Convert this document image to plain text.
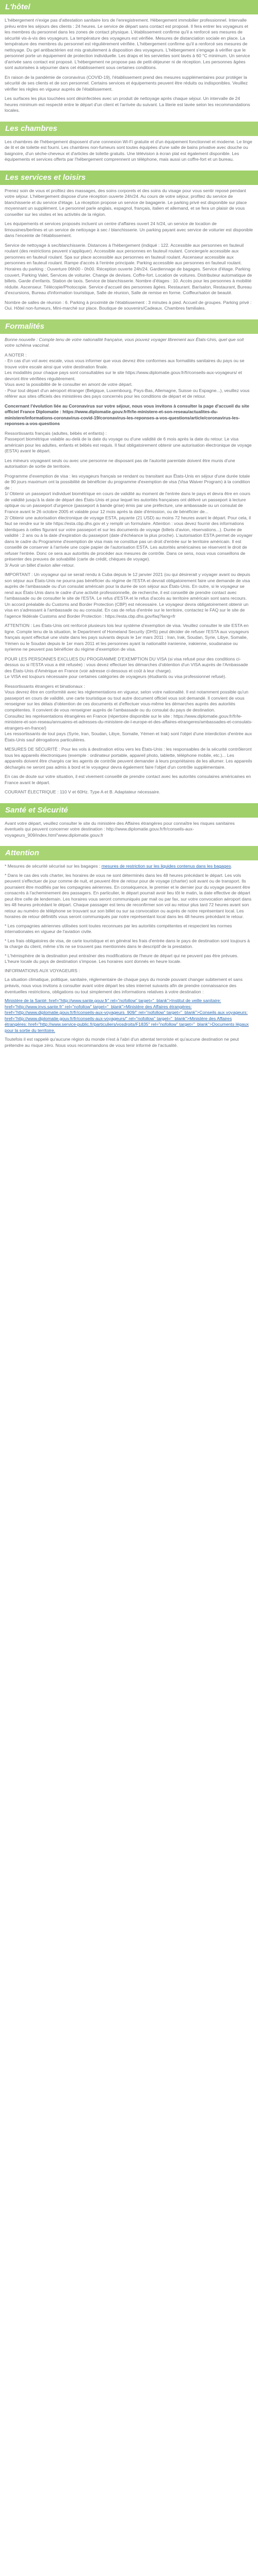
L'hôtel

L'hébergement n'exige pas d'attestation sanitaire lors de l'enregistrement. Hébergement immobilier professionnel. Intervalle prévu entre les séjours des clients : 24 heures. Le service de départ sans contact est proposé. Il fera entrer les voyageurs et les membres du personnel dans les zones de contact physique. L'établissement confirme qu'il a renforcé ses mesures de sécurité vis-à-vis des voyageurs. La température des voyageurs est vérifiée. Mesures de distanciation sociale en place. La température des membres du personnel est régulièrement vérifiée. L'hébergement confirme qu'il a renforcé ses mesures de nettoyage. Du gel antibactérien est mis gratuitement à disposition des voyageurs. L'hébergement s'engage à vérifier que le personnel porte un équipement de protection individuelle. Les draps et les serviettes sont lavés à 60 °C minimum. Un service d'arrivée sans contact est proposé. L'hébergement ne propose pas de petit-déjeuner ni de réception. Les personnes âgées sont autorisées à séjourner dans cet établissement sous certaines conditions.

En raison de la pandémie de coronavirus (COVID-19), l'établissement prend des mesures supplémentaires pour protéger la sécurité de ses clients et de son personnel. Certains services et équipements peuvent être réduits ou indisponibles. Veuillez vérifier les règles en vigueur auprès de l'établissement.

Les surfaces les plus touchées sont désinfectées avec un produit de nettoyage après chaque séjour. Un intervalle de 24 heures minimum est respecté entre le départ d'un client et l'arrivée du suivant. La literie est lavée selon les recommandations locales.

Les chambres

Les chambres de l'hébergement disposent d'une connexion Wi-Fi gratuite et d'un équipement fonctionnel et moderne. Le linge de lit et de toilette est fourni. Les chambres non-fumeurs sont toutes équipées d'une salle de bains privative avec douche ou baignoire, d'un sèche-cheveux et d'articles de toilette gratuits. Une télévision à écran plat est également disponible. Les équipements et services offerts par l'hébergement comprennent un téléphone, mais aussi un coffre-fort et un bureau.

Les services et loisirs

Prenez soin de vous et profitez des massages, des soins corporels et des soins du visage pour vous sentir reposé pendant votre séjour. L'hébergement dispose d'une réception ouverte 24h/24. Au cours de votre séjour, profitez du service de blanchisserie et du service d'étage. La réception propose un service de bagagerie. Le parking privé est disponible sur place moyennant un supplément. Le personnel parle anglais, espagnol, français, italien et allemand, et se fera un plaisir de vous conseiller sur les visites et les activités de la région.

Les équipements et services proposés incluent un centre d'affaires ouvert 24 h/24, un service de location de limousines/berlines et un service de nettoyage à sec / blanchisserie. Un parking payant avec service de voiturier est disponible dans l'enceinte de l'établissement.

Service de nettoyage à sec/blanchisserie. Distances à l'hébergement (indiqué : 122. Accessible aux personnes en fauteuil roulant (des restrictions peuvent s'appliquer). Accessible aux personnes en fauteuil roulant. Concierge/e accessible aux personnes en fauteuil roulant. Spa sur place accessible aux personnes en fauteuil roulant. Ascenseur accessible aux personnes en fauteuil roulant. Rampe d'accès à l'entrée principale. Parking accessible aux personnes en fauteuil roulant. Horaires du parking : Ouverture 06h00 - 0h00. Réception ouverte 24h/24. Gardiennage de bagages. Service d'étage. Parking couvert, Parking Valet, Services de voiturier. Change de devises. Coffre-fort. Location de voitures. Distributeur automatique de billets. Garde d'enfants. Station de taxis. Service de blanchisserie. Nombre d'étages : 10. Accès pour les personnes à mobilité réduite. Ascenseur. Télécopie/Photocopie. Service d'accueil des personnes âgées. Restaurant. Bar/salon, Restaurant, Bureau d'excursions, Bureau d'information touristique, Salle de réunion, Salle de remise en forme. Coiffeur/salon de beauté.

Nombre de salles de réunion : 6. Parking à proximité de l'établissement : 3 minutes à pied. Accueil de groupes. Parking privé : Oui. Hôtel non-fumeurs, Mini-marché sur place. Boutique de souvenirs/Cadeaux. Chambres familiales.

Formalités

Bonne nouvelle : Compte tenu de votre nationalité française, vous pouvez voyager librement aux États-Unis, quel que soit votre schéma vaccinal.

A NOTER :
- En cas d'un vol avec escale, vous vous informer que vous devrez être conformes aux formalités sanitaires du pays ou se trouve votre escale ainsi que votre destination finale.
Les modalités pour chaque pays sont consultables sur le site https://www.diplomatie.gouv.fr/fr/conseils-aux-voyageurs/ et devront être vérifiées régulièrement.
Vous avez la possibilité de le consulter en amont de votre départ.
- Pour tout départ d'un aéroport étranger (Belgique, Luxembourg, Pays-Bas, Allemagne, Suisse ou Espagne...), veuillez vous référer aux sites officiels des ministères des pays concernés pour les conditions de départ et de retour.

Concernant l'évolution liée au Coronavirus sur votre séjour, nous vous invitons à consulter la page d'accueil du site officiel France Diplomatie : https://www.diplomatie.gouv.fr/fr/le-ministere-et-son-reseau/actualites-du-ministere/informations-coronavirus-covid-19/coronavirus-les-reponses-a-vos-questions/article/coronavirus-les-reponses-a-vos-questions

Ressortissants français (adultes, bébés et enfants) :
Passeport biométrique valable au-delà de la date du voyage ou d'une validité de 6 mois après la date du retour. Le visa américain pour les adultes, enfants et bébés est requis. Il faut obligatoirement obtenir une autorisation électronique de voyage (ESTA) avant le départ.

Les mineurs voyageant seuls ou avec une personne ne disposant pas de l'autorité parentale doivent être munis d'une autorisation de sortie de territoire.

Programme d'exemption de visa : les voyageurs français se rendant ou transitant aux États-Unis en séjour d'une durée totale de 90 jours maximum ont la possibilité de bénéficier du programme d'exemption de visa (Visa Waiver Program) à la condition de :
1/ Obtenir un passeport individuel biométrique en cours de validité au moment de l'entrée dans le pays et devra être en cours de validité jusqu'à la date de départ des États-Unis et pour lequel les autorités françaises ont délivré un passeport à lecture optique ou un passeport d'urgence (passeport à bande grise) émis par une préfecture, une ambassade ou un consulat de France avant le 26 octobre 2005 et valable pour 12 mois après la date d'émission, ou de bénéficier de...
2/ Obtenir une autorisation électronique de voyage ESTA, payante (21 USD) au moins 72 heures avant le départ. Pour cela, il faut se rendre sur le site https://esta.cbp.dhs.gov et y remplir un formulaire. Attention : vous devez fournir des informations identiques à celles figurant sur votre passeport et sur les documents de voyage (billets d'avion, réservations...). Durée de validité : 2 ans ou à la date d'expiration du passeport (date d'échéance la plus proche). L'autorisation ESTA permet de voyager dans le cadre du Programme d'exemption de visa mais ne constitue pas un droit d'entrée sur le territoire américain. Il est conseillé de conserver à l'arrivée une copie papier de l'autorisation ESTA. Les autorités américaines se réservent le droit de refuser l'entrée. Donc ce sera aux autorités de procéder aux mesures de contrôle. Dans ce sens, nous vous conseillons de présenter des preuves de solvabilité (carte de crédit, chèques de voyage).
3/ Avoir un billet d'avion aller-retour.

IMPORTANT : Un voyageur qui se serait rendu à Cuba depuis le 12 janvier 2021 (ou qui désirerait y voyager avant ou depuis son séjour aux États-Unis ne pourra pas bénéficier du régime de l'ESTA et devrait obligatoirement faire une demande de visa auprès de l'ambassade ou d'un consulat américain pour la durée de son séjour aux États-Unis. En outre, si le voyageur se rend aux États-Unis dans le cadre d'une activité professionnelle, de recherche, il est conseillé de prendre contact avec l'ambassade ou de consulter le site de l'ESTA. Le refus d'ESTA et le refus d'accès au territoire américain sont sans recours. Un accord préalable du Customs and Border Protection (CBP) est nécessaire. Le voyageur devra obligatoirement obtenir un visa en s'adressant à l'ambassade ou au consulat. En cas de refus d'entrée sur le territoire, contactez le FAQ sur le site de l'agence fédérale Customs and Border Protection : https://esta.cbp.dhs.gov/faq?lang=fr

ATTENTION : Les États-Unis ont renforcé plusieurs lois leur système d'exemption de visa. Veuillez consulter le site ESTA en ligne. Compte tenu de la situation, le Department of Homeland Security (DHS) peut décider de refuser l'ESTA aux voyageurs français ayant effectué une visite dans les pays suivants depuis le 1er mars 2011 : Iran, Irak, Soudan, Syrie, Libye, Somalie, Yémen ou le Soudan depuis le 1er mars 2011 et les personnes ayant la nationalité iranienne, irakienne, soudanaise ou syrienne ne peuvent pas bénéficier du régime d'exemption de visa.

POUR LES PERSONNES EXCLUES DU PROGRAMME D'EXEMPTION DU VISA (si visa refusé pour des conditions ci-dessus ou si l'ESTA vous a été refusée) : vous devez effectuer les démarches d'obtention d'un VISA auprès de l'Ambassade des États-Unis d'Amérique en France (voir adresse ci-dessous et coût à leur charge).
Le VISA est toujours nécessaire pour certaines catégories de voyageurs (étudiants ou visa professionnel refusé).

Ressortissants étrangers et binationaux :
Vous devrez être en conformité avec les réglementations en vigueur, selon votre nationalité. Il est notamment possible qu'un passeport en cours de validité, une carte touristique ou tout autre document officiel vous soit demandé. Il convient de vous renseigner sur les délais d'obtention de ces documents et d'effectuer vous-même les démarches auprès des autorités compétentes. Il convient de vous renseigner auprès de l'ambassade ou du consulat du pays de destination.
Consultez les représentations étrangères en France (répertoire disponible sur le site : https://www.diplomatie.gouv.fr/fr/le-ministere-et-son-reseau/annuaires-et-adresses-du-ministere-de-l-europe-et-des-affaires-etrangeres/ambassades-et-consulats-etrangers-en-france/)
Les ressortissants de tout pays (Syrie, Iran, Soudan, Libye, Somalie, Yémen et Irak) sont l'objet d'une interdiction d'entrée aux États-Unis sauf dérogations particulières.

MESURES DE SÉCURITÉ : Pour les vols à destination et/ou vers les États-Unis : les responsables de la sécurité contrôleront tous les appareils électroniques (exemple : ordinateur portable, appareil photo, tablette, téléphone mobile, etc.)... Les appareils doivent être chargés car les agents de contrôle peuvent demander à leurs propriétaires de les allumer. Les appareils déchargés ne seront pas admis à bord et le voyageur devra également faire l'objet d'un contrôle supplémentaire.

En cas de doute sur votre situation, il est vivement conseillé de prendre contact avec les autorités consulaires américaines en France avant le départ.

COURANT ÉLECTRIQUE : 110 V et 60Hz. Type A et B. Adaptateur nécessaire.

Santé et Sécurité

Avant votre départ, veuillez consulter le site du ministère des Affaires étrangères pour connaître les risques sanitaires éventuels qui peuvent concerner votre destination : http://www.diplomatie.gouv.fr/fr/conseils-aux-voyageurs_909/index.html"www.diplomatie.gouv.fr

Attention

* Mesures de sécurité sécurisé sur les bagages : mesures de restriction sur les liquides contenus dans les bagages.

* Dans le cas des vols charter, les horaires de vous ne sont déterminés dans les 48 heures précédant le départ. Les vols peuvent s'effectuer de jour comme de nuit, et peuvent être de retour pour de voyage (charter) soit avant ou de transport. Ils pourraient être modifiés par les compagnies aériennes. En conséquence, le premier et le dernier jour du voyage peuvent être consacrés à l'acheminement des passagers. En particulier, le départ pourrait avoir lieu tôt le matin, la date effective de départ peut être celle de lendemain. Les horaires vous seront communiqués par mail ou par fax, sur votre convocation aéroport dans les 48 heures précédant le départ. Chaque passager est tenu de reconfirmer son vol au retour plus tard 72 heures avant son retour au numéro de téléphone se trouvant sur son billet ou sur sa convocation ou auprès de notre représentant local. Les horaires de retour définitifs vous seront communiqués par notre représentant local dans les 48 heures précédant le retour.

* Les compagnies aériennes utilisées sont toutes reconnues par les autorités compétentes et respectent les normes internationales en vigueur de l'aviation civile.

* Les frais obligatoires de visa, de carte touristique et en général les frais d'entrée dans le pays de destination sont toujours à la charge du client, même s'ils ne se trouvent pas mentionnés dans le descriptif de la prestation.

* L'hémisphère de la destination peut entraîner des modifications de l'heure de départ qui ne peuvent pas être prévues. L'heure locale du pays de destination s'impose. Les horaires sont donnés en heure locale.

INFORMATIONS AUX VOYAGEURS :

La situation climatique, politique, sanitaire, réglementaire de chaque pays du monde pouvant changer subitement et sans préavis, nous vous invitons à consulter avant votre départ les sites internet suivants afin de prendre connaissance des éventuelles restrictions, obligations ou tout simplement des informations relatives à votre destination :

Ministère de la Santé: href="http://www.sante.gouv.fr" rel="nofollow" target="_blank">Institut de veille sanitaire: href="http://www.invs.sante.fr" rel="nofollow" target="_blank">Ministère des Affaires étrangères: href="http://www.diplomatie.gouv.fr/fr/conseils-aux-voyageurs_909/" rel="nofollow" target="_blank">Conseils aux voyageurs: href="http://www.diplomatie.gouv.fr/fr/conseils-aux-voyageurs/" rel="nofollow" target="_blank">Ministère des Affaires étrangères: href="http://www.service-public.fr/particuliers/vosdroits/F1835" rel="nofollow" target="_blank">Documents légaux pour la sortie du territoire.

Toutefois il est rappelé qu'aucune région du monde n'est à l'abri d'un attentat terroriste et qu'aucune destination ne peut prétendre au risque zéro. Nous vous recommandons de vous tenir informé de l'actualité.
